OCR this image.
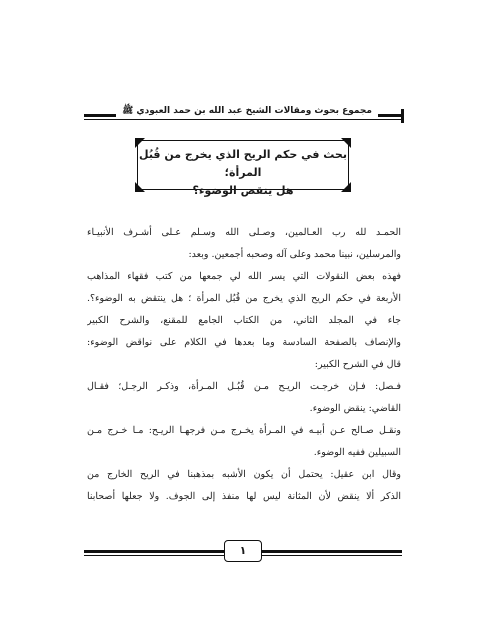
مجموع بحوث ومقالات الشيخ عبد الله بن حمد العبودي ﷺ
بحث في حكم الريح الذي يخرج من قُبُل المرأة؛
هل ينقض الوضوء؟
الحمـد لله رب العـالمين، وصـلى الله وسـلم عـلى أشـرف الأنبيـاء
والمرسلين، نبينا محمد وعلى آله وصحبه أجمعين. وبعد:
فهذه بعض النقولات التي يسر الله لي جمعها من كتب فقهاء المذاهب
الأربعة في حكم الريح الذي يخرج من قُبُل المرأة ؛ هل ينتقض به الوضوء؟.
جاء في المجلد الثاني، من الكتاب الجامع للمقنع، والشرح الكبير
والإنصاف بالصفحة السادسة وما بعدها في الكلام على نواقض الوضوء:
قال في الشرح الكبير:
فـصل: فـإن خرجـت الريـح مـن قُبُـل المـرأة، وذكـر الرجـل؛ فقـال
القاضي: ينقض الوضوء.
ونقـل صـالح عـن أبيـه في المـرأة يخـرج مـن فرجهـا الريـح: مـا خـرج مـن
السبيلين ففيه الوضوء.
وقال ابن عقيل: يحتمل أن يكون الأشبه بمذهبنا في الريح الخارج من
الذكر ألا ينقض لأن المثانة ليس لها منفذ إلى الجوف. ولا جعلها أصحابنا
١
